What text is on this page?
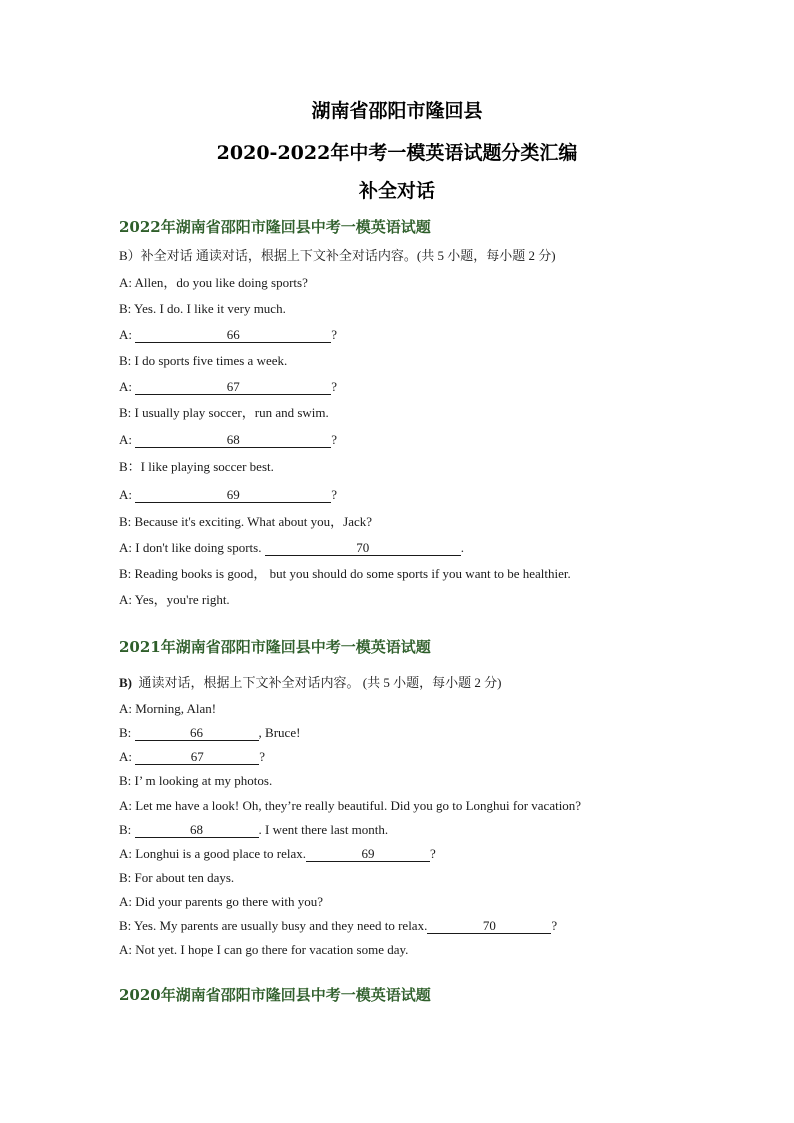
湖南省邵阳市隆回县
2020-2022年中考一模英语试题分类汇编
补全对话
2022年湖南省邵阳市隆回县中考一模英语试题
B）补全对话 通读对话，根据上下文补全对话内容。(共 5 小题，每小题 2 分)
A: Allen，do you like doing sports?
B: Yes. I do. I like it very much.
A:	66	?
B: I do sports five times a week.
A:	67	?
B: I usually play soccer，run and swim.
A:	68	?
B：I like playing soccer best.
A:	69	?
B: Because it's exciting. What about you，Jack?
A: I don't like doing sports.	70	.
B: Reading books is good， but you should do some sports if you want to be healthier.
A: Yes，you're right.
2021年湖南省邵阳市隆回县中考一模英语试题
B) 通读对话，根据上下文补全对话内容。 (共 5 小题，每小题 2 分)
A: Morning, Alan!
B:	66	, Bruce!
A:	67	?
B: I’ m looking at my photos.
A: Let me have a look! Oh, they’re really beautiful. Did you go to Longhui for vacation?
B:	68	. I went there last month.
A: Longhui is a good place to relax.	69	?
B: For about ten days.
A: Did your parents go there with you?
B: Yes. My parents are usually busy and they need to relax.	70	?
A: Not yet. I hope I can go there for vacation some day.
2020年湖南省邵阳市隆回县中考一模英语试题
